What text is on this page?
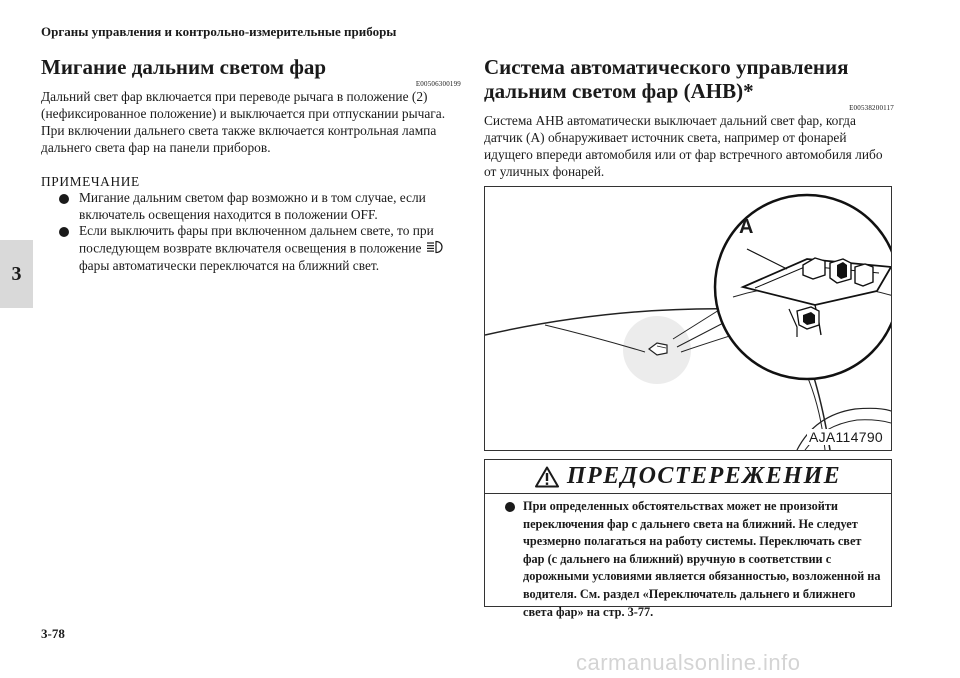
Органы управления и контрольно-измерительные приборы
3
Мигание дальним светом фар
E00506300199

Дальний свет фар включается при переводе рычага в положение (2) (нефиксированное положение) и выключается при отпускании рычага.

При включении дальнего света также включается контрольная лампа дальнего света фар на панели приборов.

ПРИМЕЧАНИЕ
Мигание дальним светом фар возможно и в том случае, если включатель освещения находится в положении OFF.
Если выключить фары при включенном дальнем свете, то при последующем возврате включателя освещения в положение  фары автоматически переключатся на ближний свет.
Система автоматического управления дальним светом фар (АНВ)*
E00538200117

Система AHB автоматически выключает дальний свет фар, когда датчик (A) обнаруживает источник света, например от фонарей идущего впереди автомобиля или от фар встречного автомобиля либо от уличных фонарей.

A
AJA114790
ПРЕДОСТЕРЕЖЕНИЕ
При определенных обстоятельствах может не произойти переключения фар с дальнего света на ближний. Не следует чрезмерно полагаться на работу системы. Переключать свет фар (с дальнего на ближний) вручную в соответствии с дорожными условиями является обязанностью, возложенной на водителя. См. раздел «Переключатель дальнего и ближнего света фар» на стр. 3-77.
3-78
carmanualsonline.info
